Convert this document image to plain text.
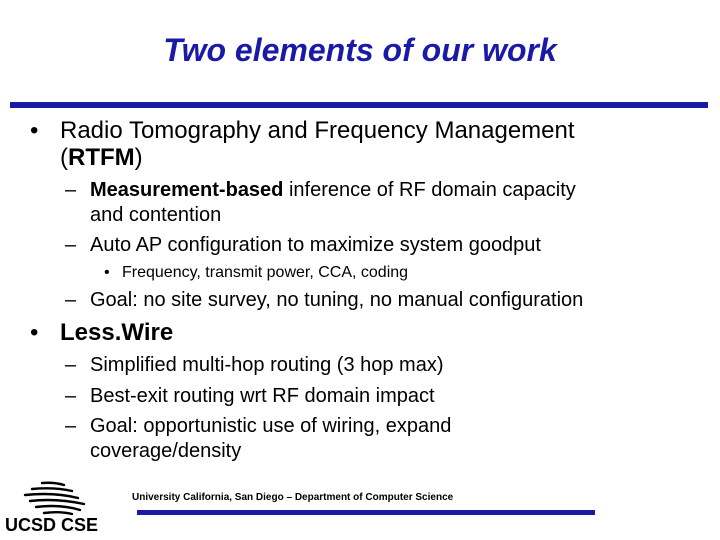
Two elements of our work
• Radio Tomography and Frequency Management
(RTFM)
– Measurement-based inference of RF domain capacity
and contention
– Auto AP configuration to maximize system goodput
• Frequency, transmit power, CCA, coding
– Goal: no site survey, no tuning, no manual configuration
• Less.Wire
– Simplified multi-hop routing (3 hop max)
– Best-exit routing wrt RF domain impact
– Goal: opportunistic use of wiring, expand
coverage/density
UCSD CSE
University California, San Diego – Department of Computer Science
